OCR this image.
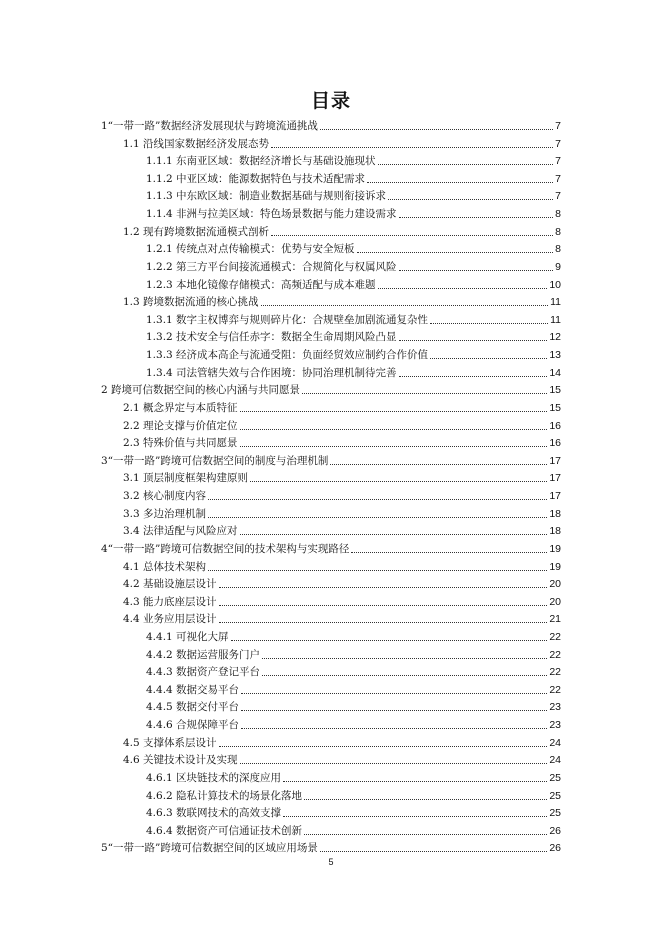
目录
1“一带一路”数据经济发展现状与跨境流通挑战	7
1.1 沿线国家数据经济发展态势	7
1.1.1 东南亚区域：数据经济增长与基础设施现状	7
1.1.2 中亚区域：能源数据特色与技术适配需求	7
1.1.3 中东欧区域：制造业数据基础与规则衔接诉求	7
1.1.4 非洲与拉美区域：特色场景数据与能力建设需求	8
1.2 现有跨境数据流通模式剖析	8
1.2.1 传统点对点传输模式：优势与安全短板	8
1.2.2 第三方平台间接流通模式：合规简化与权属风险	9
1.2.3 本地化镜像存储模式：高频适配与成本难题	10
1.3 跨境数据流通的核心挑战	11
1.3.1 数字主权博弈与规则碎片化：合规壁垒加剧流通复杂性	11
1.3.2 技术安全与信任赤字：数据全生命周期风险凸显	12
1.3.3 经济成本高企与流通受阻：负面经贸效应制约合作价值	13
1.3.4 司法管辖失效与合作困境：协同治理机制待完善	14
2 跨境可信数据空间的核心内涵与共同愿景	15
2.1 概念界定与本质特征	15
2.2 理论支撑与价值定位	16
2.3 特殊价值与共同愿景	16
3“一带一路”跨境可信数据空间的制度与治理机制	17
3.1 顶层制度框架构建原则	17
3.2 核心制度内容	17
3.3 多边治理机制	18
3.4 法律适配与风险应对	18
4“一带一路”跨境可信数据空间的技术架构与实现路径	19
4.1 总体技术架构	19
4.2 基础设施层设计	20
4.3 能力底座层设计	20
4.4 业务应用层设计	21
4.4.1 可视化大屏	22
4.4.2 数据运营服务门户	22
4.4.3 数据资产登记平台	22
4.4.4 数据交易平台	22
4.4.5 数据交付平台	23
4.4.6 合规保障平台	23
4.5 支撑体系层设计	24
4.6 关键技术设计及实现	24
4.6.1 区块链技术的深度应用	25
4.6.2 隐私计算技术的场景化落地	25
4.6.3 数联网技术的高效支撑	25
4.6.4 数据资产可信通证技术创新	26
5“一带一路”跨境可信数据空间的区域应用场景	26
5
